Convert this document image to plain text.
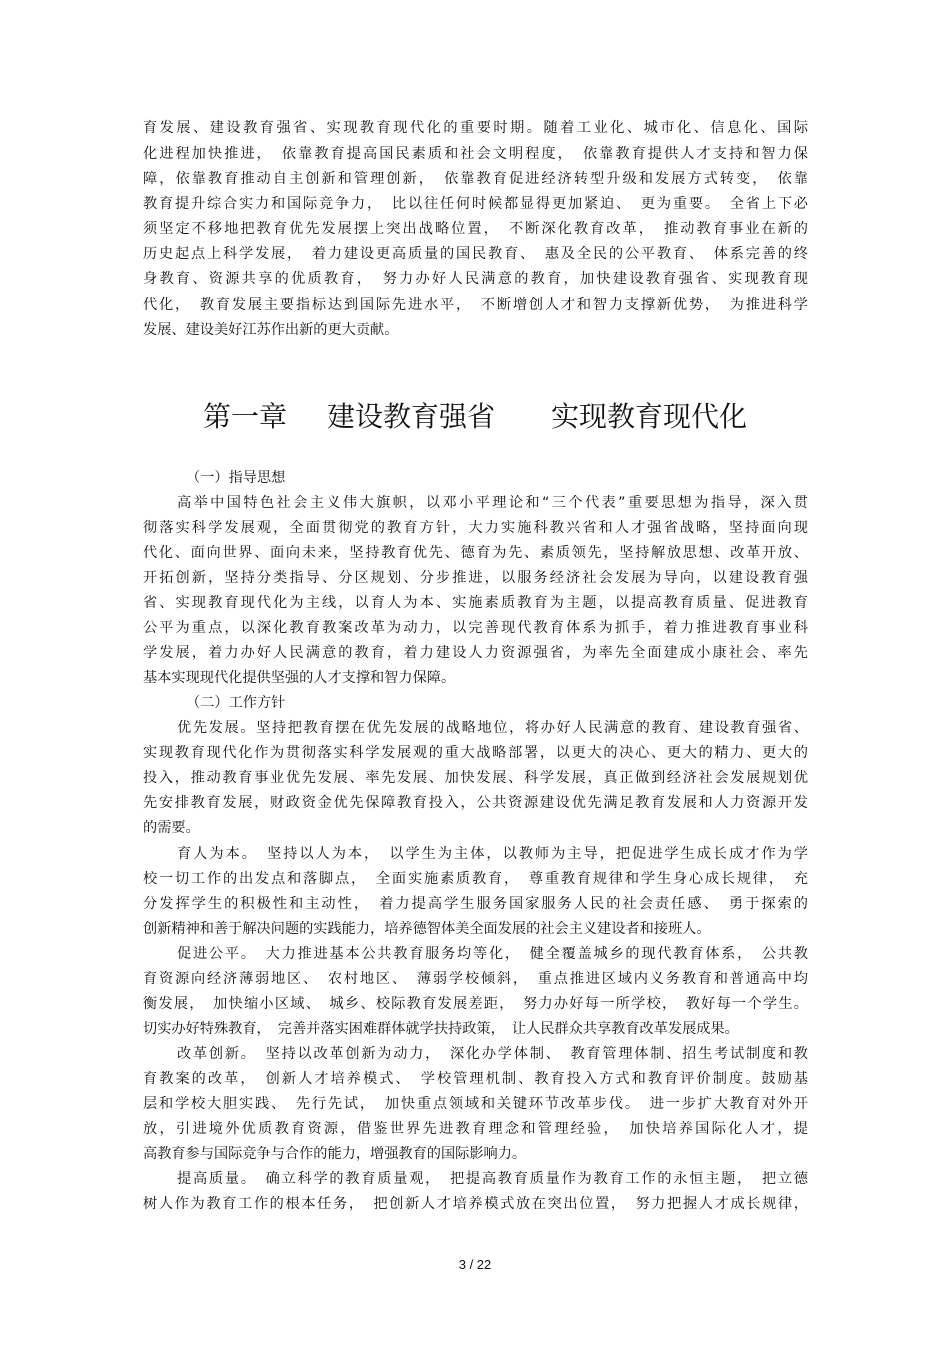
育发展、建设教育强省、实现教育现代化的重要时期。随着工业化、城市化、信息化、国际
化进程加快推进，　依靠教育提高国民素质和社会文明程度，　依靠教育提供人才支持和智力保
障，依靠教育推动自主创新和管理创新，　依靠教育促进经济转型升级和发展方式转变，　依靠
教育提升综合实力和国际竞争力，　比以往任何时候都显得更加紧迫、　更为重要。　全省上下必
须坚定不移地把教育优先发展摆上突出战略位置，　不断深化教育改革，　推动教育事业在新的
历史起点上科学发展，　着力建设更高质量的国民教育、　惠及全民的公平教育、　体系完善的终
身教育、资源共享的优质教育，　努力办好人民满意的教育，加快建设教育强省、实现教育现
代化，　教育发展主要指标达到国际先进水平，　不断增创人才和智力支撑新优势，　为推进科学
发展、建设美好江苏作出新的更大贡献。
第一章 建设教育强省 实现教育现代化
（一）指导思想
高举中国特色社会主义伟大旗帜，以邓小平理论和“三个代表”重要思想为指导，深入贯
彻落实科学发展观，全面贯彻党的教育方针，大力实施科教兴省和人才强省战略，坚持面向现
代化、面向世界、面向未来，坚持教育优先、德育为先、素质领先，坚持解放思想、改革开放、
开拓创新，坚持分类指导、分区规划、分步推进，以服务经济社会发展为导向，以建设教育强
省、实现教育现代化为主线，以育人为本、实施素质教育为主题，以提高教育质量、促进教育
公平为重点，以深化教育教案改革为动力，以完善现代教育体系为抓手，着力推进教育事业科
学发展，着力办好人民满意的教育，着力建设人力资源强省，为率先全面建成小康社会、率先
基本实现现代化提供坚强的人才支撑和智力保障。
（二）工作方针
优先发展。坚持把教育摆在优先发展的战略地位，将办好人民满意的教育、建设教育强省、
实现教育现代化作为贯彻落实科学发展观的重大战略部署，以更大的决心、更大的精力、更大的
投入，推动教育事业优先发展、率先发展、加快发展、科学发展，真正做到经济社会发展规划优
先安排教育发展，财政资金优先保障教育投入，公共资源建设优先满足教育发展和人力资源开发
的需要。
育人为本。　坚持以人为本，　以学生为主体，以教师为主导，把促进学生成长成才作为学
校一切工作的出发点和落脚点，　全面实施素质教育，　尊重教育规律和学生身心成长规律，　充
分发挥学生的积极性和主动性，　着力提高学生服务国家服务人民的社会责任感、　勇于探索的
创新精神和善于解决问题的实践能力，培养德智体美全面发展的社会主义建设者和接班人。
促进公平。　大力推进基本公共教育服务均等化，　健全覆盖城乡的现代教育体系，　公共教
育资源向经济薄弱地区、　农村地区、　薄弱学校倾斜，　重点推进区域内义务教育和普通高中均
衡发展，　加快缩小区域、　城乡、校际教育发展差距，　努力办好每一所学校，　教好每一个学生。
切实办好特殊教育，　完善并落实困难群体就学扶持政策，　让人民群众共享教育改革发展成果。
改革创新。　坚持以改革创新为动力，　深化办学体制、　教育管理体制、招生考试制度和教
育教案的改革，　创新人才培养模式、　学校管理机制、教育投入方式和教育评价制度。鼓励基
层和学校大胆实践、　先行先试，　加快重点领域和关键环节改革步伐。　进一步扩大教育对外开
放，引进境外优质教育资源，借鉴世界先进教育理念和管理经验，　加快培养国际化人才，提
高教育参与国际竞争与合作的能力，增强教育的国际影响力。
提高质量。　确立科学的教育质量观，　把提高教育质量作为教育工作的永恒主题，　把立德
树人作为教育工作的根本任务，　把创新人才培养模式放在突出位置，　努力把握人才成长规律，
3 / 22
